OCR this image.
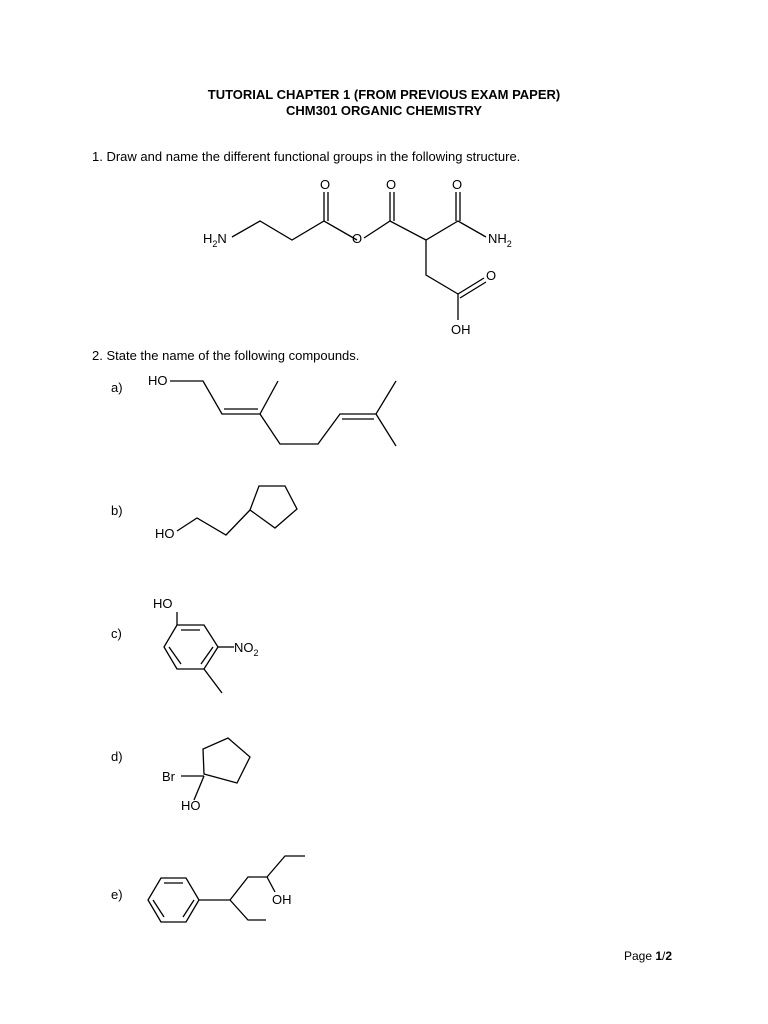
TUTORIAL CHAPTER 1 (FROM PREVIOUS EXAM PAPER)
CHM301 ORGANIC CHEMISTRY
1. Draw and name the different functional groups in the following structure.
2. State the name of the following compounds.
a)
b)
c)
d)
e)
$H_2N$
O
O
O	O
$NH_2$
O
OH
HO
HO
HO
$NO_2$
Br
HO
OH
Page 1/2
